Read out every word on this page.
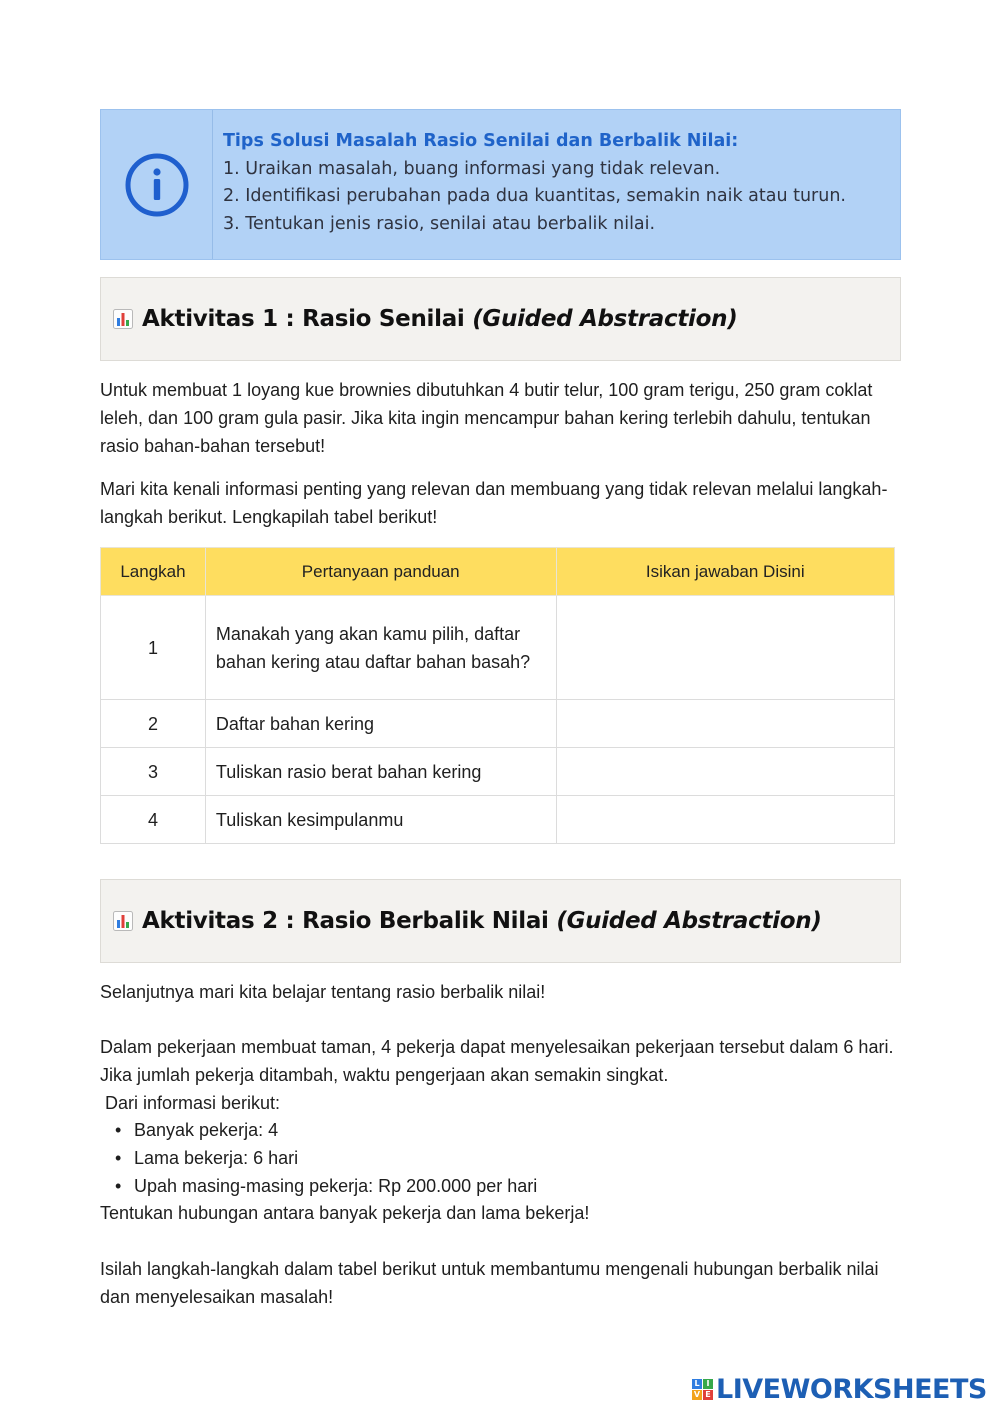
Tips Solusi Masalah Rasio Senilai dan Berbalik Nilai:
1. Uraikan masalah, buang informasi yang tidak relevan.
2. Identifikasi perubahan pada dua kuantitas, semakin naik atau turun.
3. Tentukan jenis rasio, senilai atau berbalik nilai.
Aktivitas 1 : Rasio Senilai (Guided Abstraction)

Untuk membuat 1 loyang kue brownies dibutuhkan 4 butir telur, 100 gram terigu, 250 gram coklat leleh, dan 100 gram gula pasir. Jika kita ingin mencampur bahan kering terlebih dahulu, tentukan rasio bahan-bahan tersebut!

Mari kita kenali informasi penting yang relevan dan membuang yang tidak relevan melalui langkah-langkah berikut. Lengkapilah tabel berikut!

Langkah	Pertanyaan panduan	Isikan jawaban Disini
1	Manakah yang akan kamu pilih, daftar bahan kering atau daftar bahan basah?	
2	Daftar bahan kering	
3	Tuliskan rasio berat bahan kering	
4	Tuliskan kesimpulanmu	
Aktivitas 2 : Rasio Berbalik Nilai (Guided Abstraction)

Selanjutnya mari kita belajar tentang rasio berbalik nilai!

Dalam pekerjaan membuat taman, 4 pekerja dapat menyelesaikan pekerjaan tersebut dalam 6 hari. Jika jumlah pekerja ditambah, waktu pengerjaan akan semakin singkat.

Dari informasi berikut:

• Banyak pekerja: 4
• Lama bekerja: 6 hari
• Upah masing-masing pekerja: Rp 200.000 per hari

Tentukan hubungan antara banyak pekerja dan lama bekerja!

Isilah langkah-langkah dalam tabel berikut untuk membantumu mengenali hubungan berbalik nilai dan menyelesaikan masalah!

L I
V E LIVEWORKSHEETS
